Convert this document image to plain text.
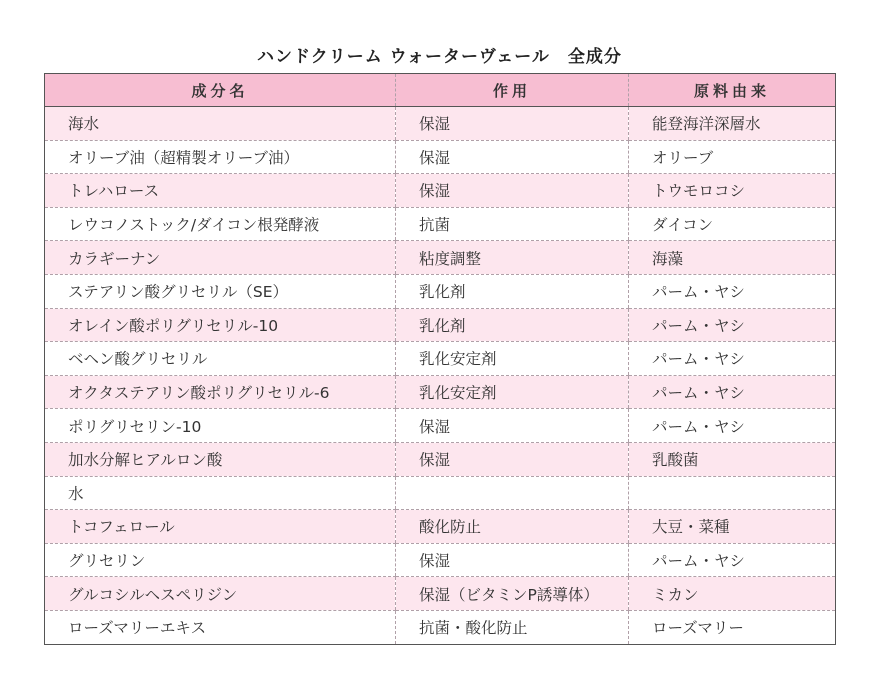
ハンドクリーム ウォーターヴェール　全成分
成分名	作用	原料由来
海水	保湿	能登海洋深層水
オリーブ油（超精製オリーブ油）	保湿	オリーブ
トレハロース	保湿	トウモロコシ
レウコノストック/ダイコン根発酵液	抗菌	ダイコン
カラギーナン	粘度調整	海藻
ステアリン酸グリセリル（SE）	乳化剤	パーム・ヤシ
オレイン酸ポリグリセリル-10	乳化剤	パーム・ヤシ
ベヘン酸グリセリル	乳化安定剤	パーム・ヤシ
オクタステアリン酸ポリグリセリル-6	乳化安定剤	パーム・ヤシ
ポリグリセリン-10	保湿	パーム・ヤシ
加水分解ヒアルロン酸	保湿	乳酸菌
水		
トコフェロール	酸化防止	大豆・菜種
グリセリン	保湿	パーム・ヤシ
グルコシルヘスペリジン	保湿（ビタミンP誘導体）	ミカン
ローズマリーエキス	抗菌・酸化防止	ローズマリー
